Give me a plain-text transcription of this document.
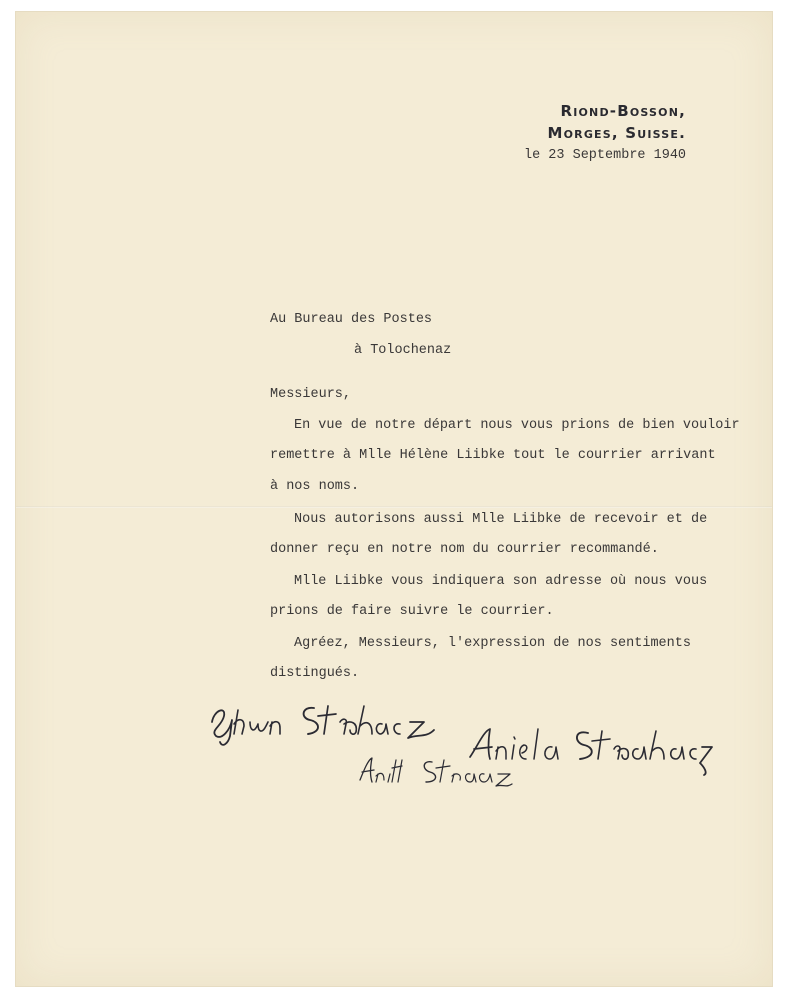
Riond-Bosson,
Morges, Suisse.
le 23 Septembre 1940
Au Bureau des Postes
à Tolochenaz
Messieurs,
En vue de notre départ nous vous prions de bien vouloir
remettre à Mlle Hélène Liibke tout le courrier arrivant
à nos noms.
Nous autorisons aussi Mlle Liibke de recevoir et de
donner reçu en notre nom du courrier recommandé.
Mlle Liibke vous indiquera son adresse où nous vous
prions de faire suivre le courrier.
Agréez, Messieurs, l'expression de nos sentiments
distingués.
